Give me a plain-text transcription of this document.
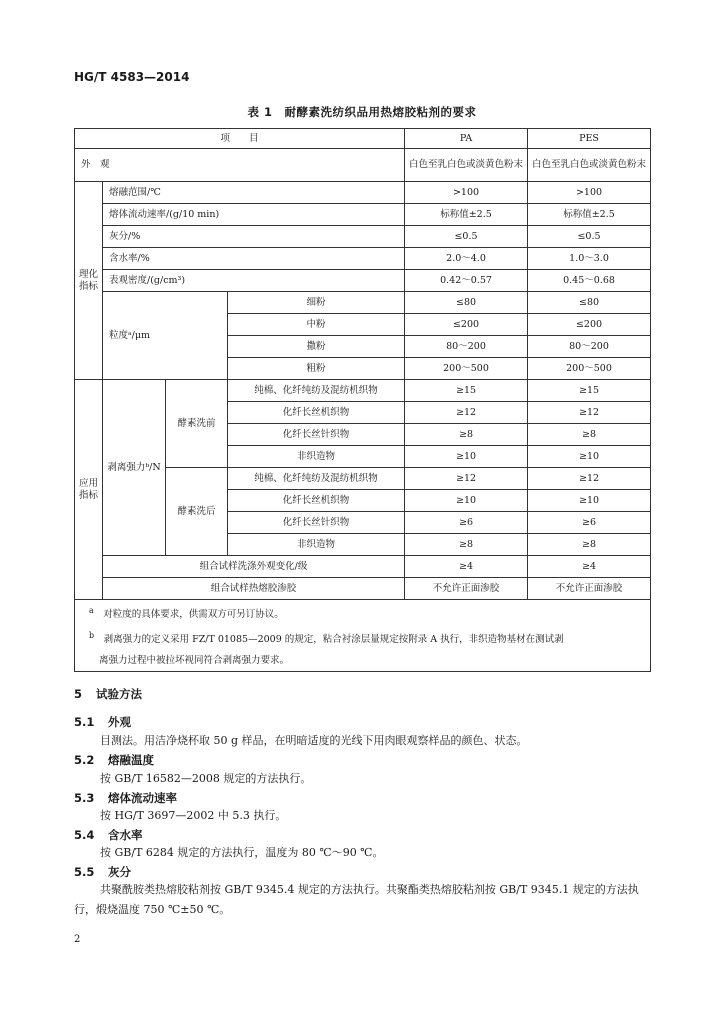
HG/T 4583—2014
表 1　耐酵素洗纺织品用热熔胶粘剂的要求
项　　目				PA	PES
外　观				白色至乳白色或淡黄色粉末	白色至乳白色或淡黄色粉末
理化指标	熔融范围/℃			>100	>100
	熔体流动速率/(g/10 min)			标称值±2.5	标称值±2.5
	灰分/%			≤0.5	≤0.5
	含水率/%			2.0～4.0	1.0～3.0
	表观密度/(g/cm³)			0.42～0.57	0.45～0.68
	粒度ᵃ/μm		细粉	≤80	≤80
			中粉	≤200	≤200
			撒粉	80～200	80～200
			粗粉	200～500	200～500
应用指标	剥离强力ᵇ/N	酵素洗前	纯棉、化纤纯纺及混纺机织物	≥15	≥15
			化纤长丝机织物	≥12	≥12
			化纤长丝针织物	≥8	≥8
			非织造物	≥10	≥10
		酵素洗后	纯棉、化纤纯纺及混纺机织物	≥12	≥12
			化纤长丝机织物	≥10	≥10
			化纤长丝针织物	≥6	≥6
			非织造物	≥8	≥8
	组合试样洗涤外观变化/级			≥4	≥4
	组合试样热熔胶渗胶			不允许正面渗胶	不允许正面渗胶
$^a$　 对粒度的具体要求，供需双方可另订协议。					
$^b$　 剥离强力的定义采用 FZ/T 01085—2009 的规定，粘合衬涂层量规定按附录 A 执行，非织造物基材在测试剥					
离强力过程中被拉坏视同符合剥离强力要求。					
5 试验方法
5.1 外观
目测法。用洁净烧杯取 50 g 样品，在明暗适度的光线下用肉眼观察样品的颜色、状态。
5.2 熔融温度
按 GB/T 16582—2008 规定的方法执行。
5.3 熔体流动速率
按 HG/T 3697—2002 中 5.3 执行。
5.4 含水率
按 GB/T 6284 规定的方法执行，温度为 80 ℃～90 ℃。
5.5 灰分
共聚酰胺类热熔胶粘剂按 GB/T 9345.4 规定的方法执行。共聚酯类热熔胶粘剂按 GB/T 9345.1 规定的方法执行，煅烧温度 750 ℃±50 ℃。
2
